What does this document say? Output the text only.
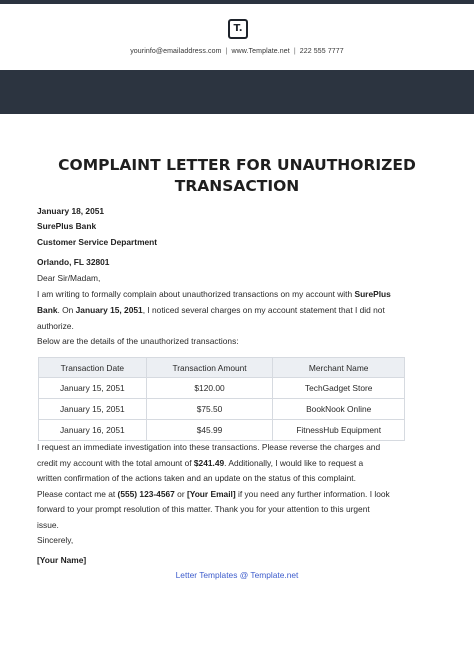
T.
yourinfo@emailaddress.com | www.Template.net | 222 555 7777
COMPLAINT LETTER FOR UNAUTHORIZED
TRANSACTION
January 18, 2051
SurePlus Bank
Customer Service Department
Orlando, FL 32801
Dear Sir/Madam,
I am writing to formally complain about unauthorized transactions on my account with SurePlus
Bank. On January 15, 2051, I noticed several charges on my account statement that I did not
authorize.
Below are the details of the unauthorized transactions:
Transaction Date	Transaction Amount	Merchant Name
January 15, 2051	$120.00	TechGadget Store
January 15, 2051	$75.50	BookNook Online
January 16, 2051	$45.99	FitnessHub Equipment
I request an immediate investigation into these transactions. Please reverse the charges and
credit my account with the total amount of $241.49. Additionally, I would like to request a
written confirmation of the actions taken and an update on the status of this complaint.
Please contact me at (555) 123-4567 or [Your Email] if you need any further information. I look
forward to your prompt resolution of this matter. Thank you for your attention to this urgent
issue.
Sincerely,
[Your Name]
Letter Templates @ Template.net
